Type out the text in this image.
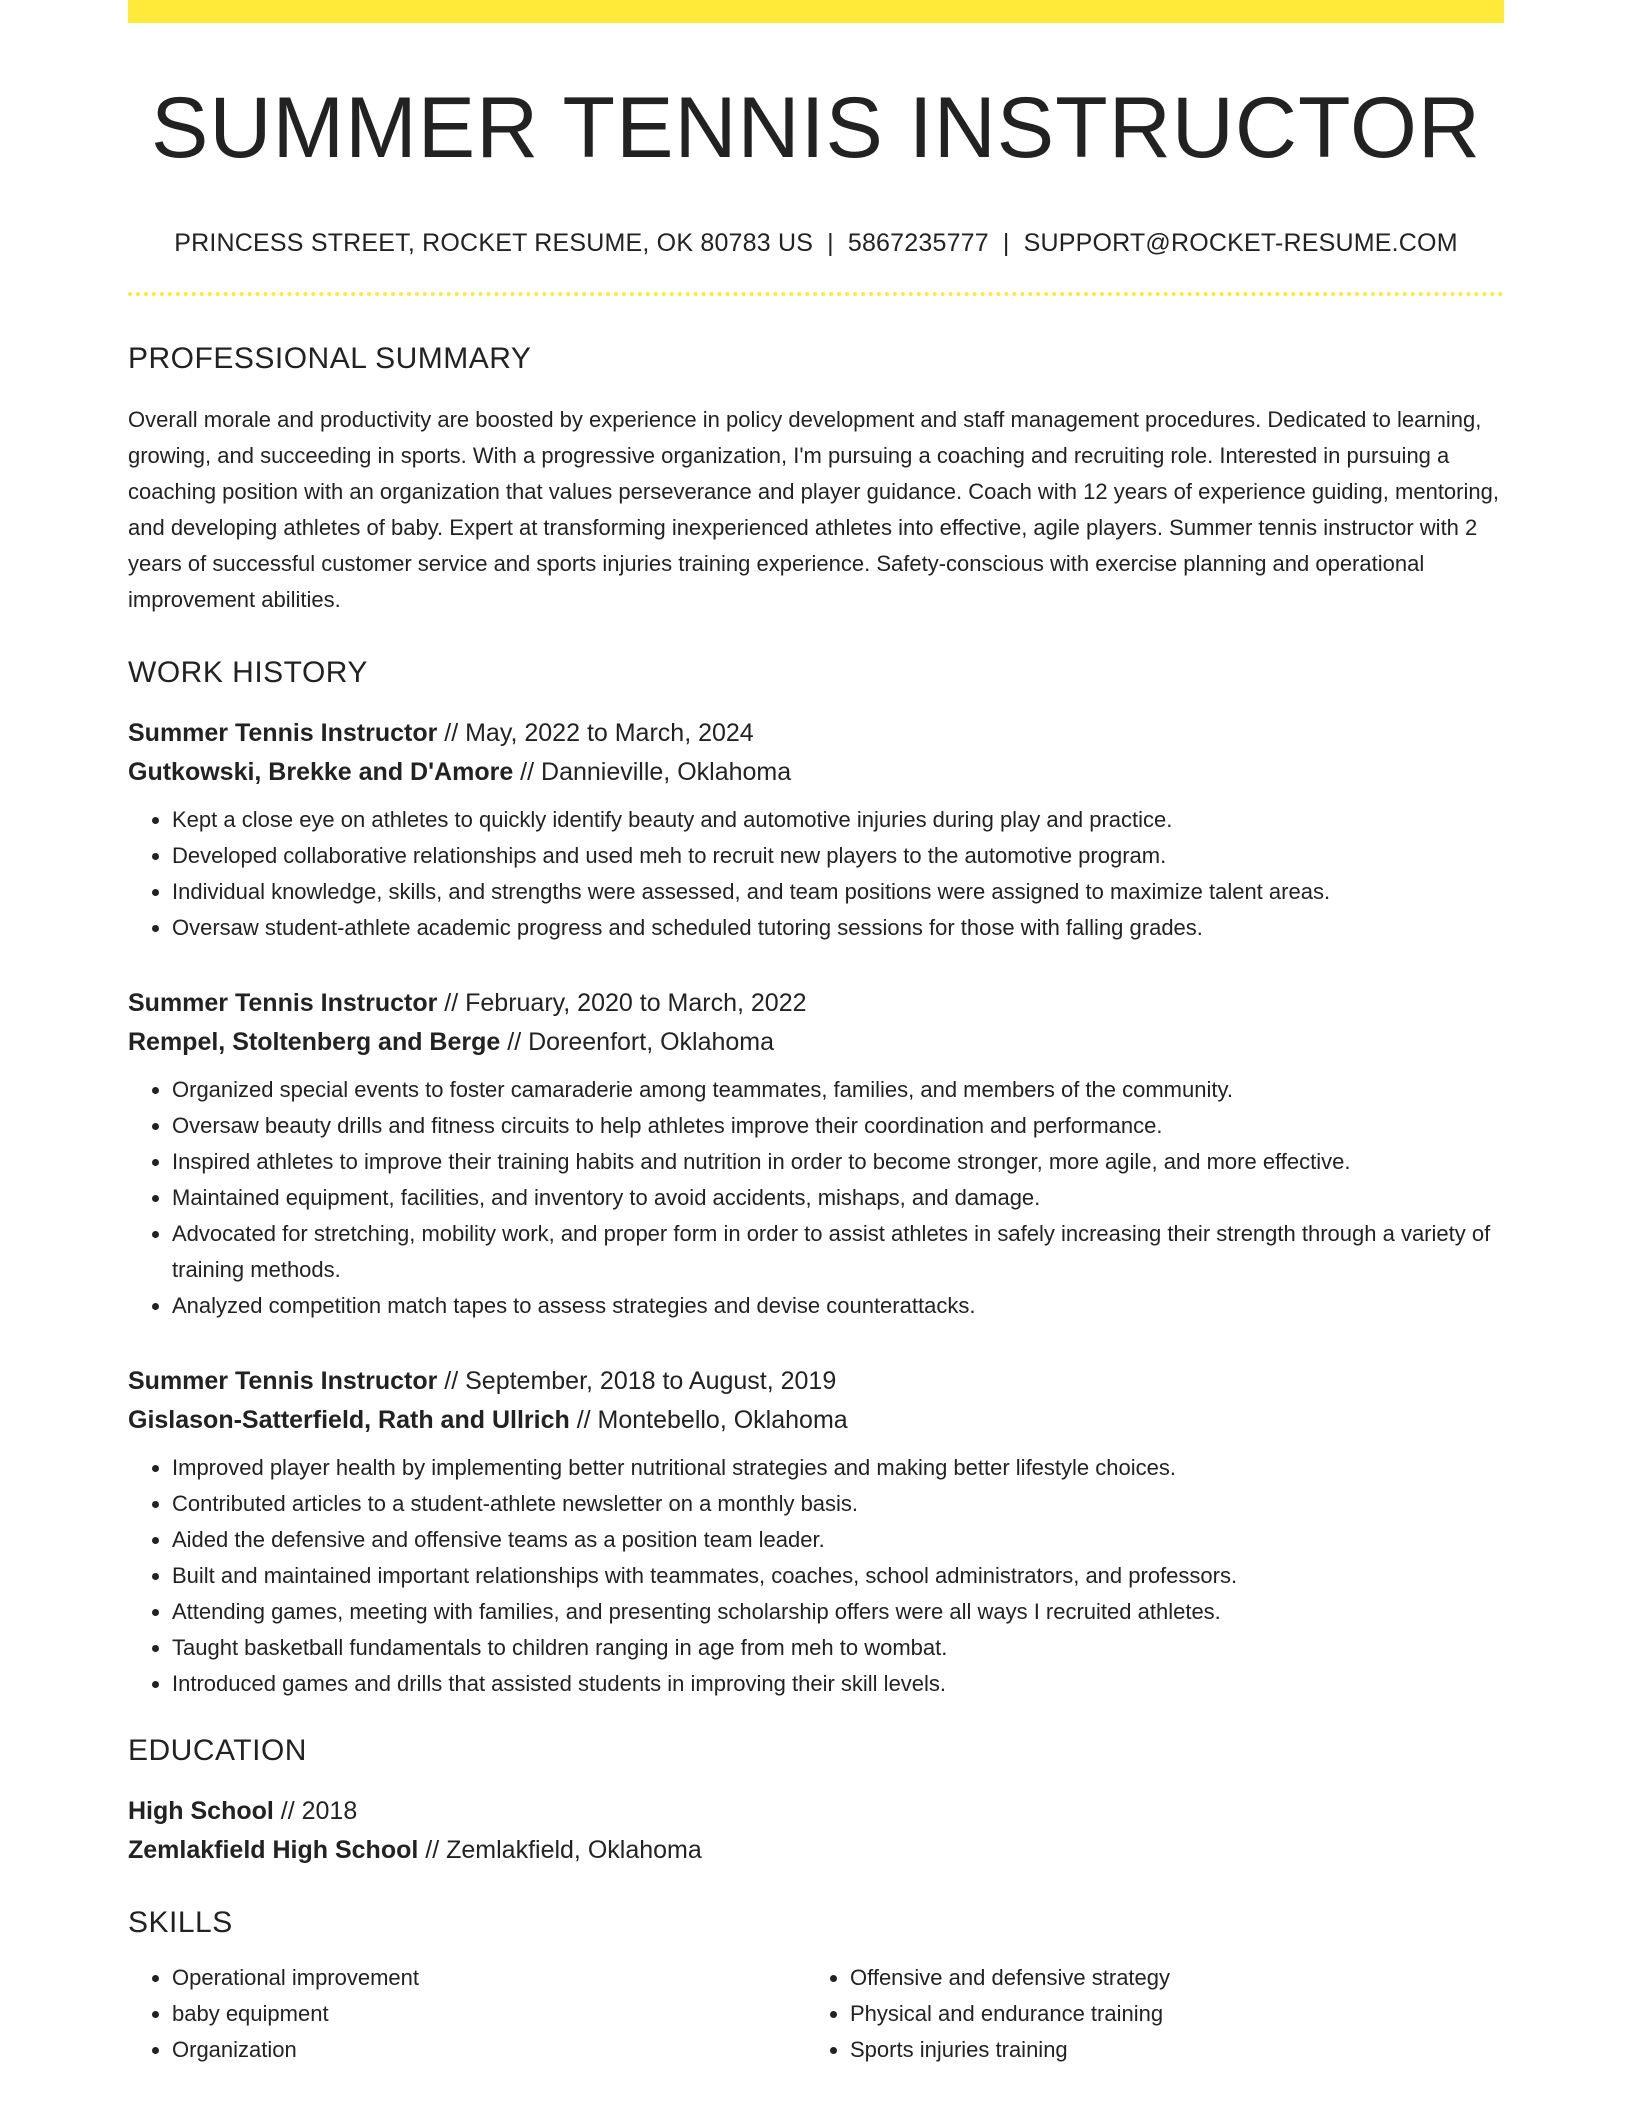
SUMMER TENNIS INSTRUCTOR
PRINCESS STREET, ROCKET RESUME, OK 80783 US | 5867235777 | SUPPORT@ROCKET-RESUME.COM
PROFESSIONAL SUMMARY
Overall morale and productivity are boosted by experience in policy development and staff management procedures. Dedicated to learning, growing, and succeeding in sports. With a progressive organization, I'm pursuing a coaching and recruiting role. Interested in pursuing a coaching position with an organization that values perseverance and player guidance. Coach with 12 years of experience guiding, mentoring, and developing athletes of baby. Expert at transforming inexperienced athletes into effective, agile players. Summer tennis instructor with 2 years of successful customer service and sports injuries training experience. Safety-conscious with exercise planning and operational improvement abilities.
WORK HISTORY
Summer Tennis Instructor // May, 2022 to March, 2024
Gutkowski, Brekke and D'Amore // Dannieville, Oklahoma
• Kept a close eye on athletes to quickly identify beauty and automotive injuries during play and practice.
• Developed collaborative relationships and used meh to recruit new players to the automotive program.
• Individual knowledge, skills, and strengths were assessed, and team positions were assigned to maximize talent areas.
• Oversaw student-athlete academic progress and scheduled tutoring sessions for those with falling grades.
Summer Tennis Instructor // February, 2020 to March, 2022
Rempel, Stoltenberg and Berge // Doreenfort, Oklahoma
• Organized special events to foster camaraderie among teammates, families, and members of the community.
• Oversaw beauty drills and fitness circuits to help athletes improve their coordination and performance.
• Inspired athletes to improve their training habits and nutrition in order to become stronger, more agile, and more effective.
• Maintained equipment, facilities, and inventory to avoid accidents, mishaps, and damage.
• Advocated for stretching, mobility work, and proper form in order to assist athletes in safely increasing their strength through a variety of training methods.
• Analyzed competition match tapes to assess strategies and devise counterattacks.
Summer Tennis Instructor // September, 2018 to August, 2019
Gislason-Satterfield, Rath and Ullrich // Montebello, Oklahoma
• Improved player health by implementing better nutritional strategies and making better lifestyle choices.
• Contributed articles to a student-athlete newsletter on a monthly basis.
• Aided the defensive and offensive teams as a position team leader.
• Built and maintained important relationships with teammates, coaches, school administrators, and professors.
• Attending games, meeting with families, and presenting scholarship offers were all ways I recruited athletes.
• Taught basketball fundamentals to children ranging in age from meh to wombat.
• Introduced games and drills that assisted students in improving their skill levels.
EDUCATION
High School // 2018
Zemlakfield High School // Zemlakfield, Oklahoma
SKILLS
• Operational improvement
• baby equipment
• Organization
• Offensive and defensive strategy
• Physical and endurance training
• Sports injuries training
